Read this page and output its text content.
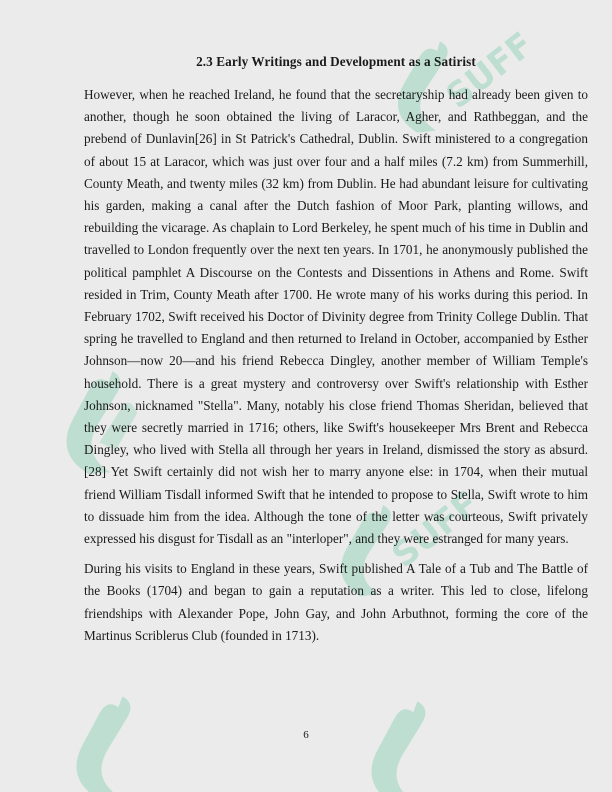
SUFF
SUFF
2.3 Early Writings and Development as a Satirist

However, when he reached Ireland, he found that the secretaryship had already been given to another, though he soon obtained the living of Laracor, Agher, and Rathbeggan, and the prebend of Dunlavin[26] in St Patrick's Cathedral, Dublin. Swift ministered to a congregation of about 15 at Laracor, which was just over four and a half miles (7.2 km) from Summerhill, County Meath, and twenty miles (32 km) from Dublin. He had abundant leisure for cultivating his garden, making a canal after the Dutch fashion of Moor Park, planting willows, and rebuilding the vicarage. As chaplain to Lord Berkeley, he spent much of his time in Dublin and travelled to London frequently over the next ten years. In 1701, he anonymously published the political pamphlet A Discourse on the Contests and Dissentions in Athens and Rome. Swift resided in Trim, County Meath after 1700. He wrote many of his works during this period. In February 1702, Swift received his Doctor of Divinity degree from Trinity College Dublin. That spring he travelled to England and then returned to Ireland in October, accompanied by Esther Johnson—now 20—and his friend Rebecca Dingley, another member of William Temple's household. There is a great mystery and controversy over Swift's relationship with Esther Johnson, nicknamed "Stella". Many, notably his close friend Thomas Sheridan, believed that they were secretly married in 1716; others, like Swift's housekeeper Mrs Brent and Rebecca Dingley, who lived with Stella all through her years in Ireland, dismissed the story as absurd.[28] Yet Swift certainly did not wish her to marry anyone else: in 1704, when their mutual friend William Tisdall informed Swift that he intended to propose to Stella, Swift wrote to him to dissuade him from the idea. Although the tone of the letter was courteous, Swift privately expressed his disgust for Tisdall as an "interloper", and they were estranged for many years.

During his visits to England in these years, Swift published A Tale of a Tub and The Battle of the Books (1704) and began to gain a reputation as a writer. This led to close, lifelong friendships with Alexander Pope, John Gay, and John Arbuthnot, forming the core of the Martinus Scriblerus Club (founded in 1713).

6
